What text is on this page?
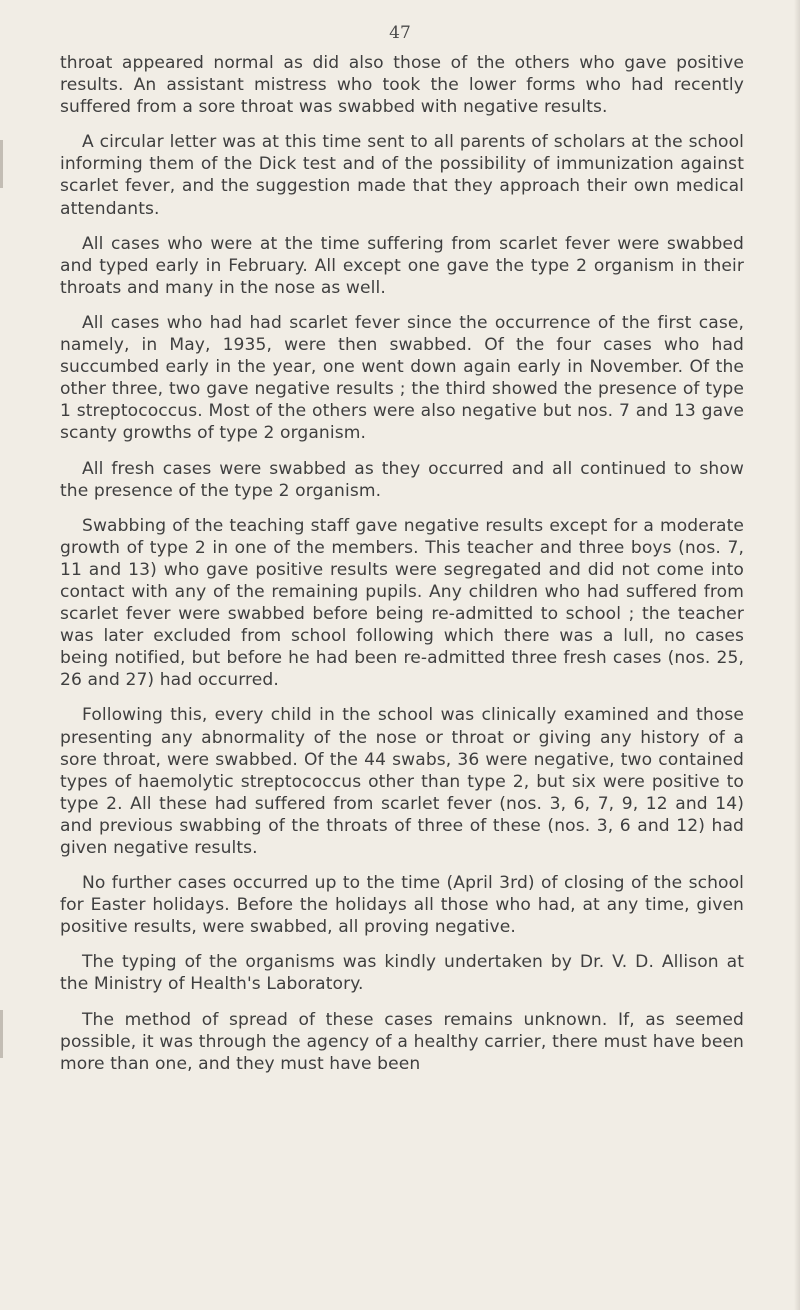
47

throat appeared normal as did also those of the others who gave positive results. An assistant mistress who took the lower forms who had recently suffered from a sore throat was swabbed with negative results.

A circular letter was at this time sent to all parents of scholars at the school informing them of the Dick test and of the possibility of immunization against scarlet fever, and the suggestion made that they approach their own medical attendants.

All cases who were at the time suffering from scarlet fever were swabbed and typed early in February. All except one gave the type 2 organism in their throats and many in the nose as well.

All cases who had had scarlet fever since the occurrence of the first case, namely, in May, 1935, were then swabbed. Of the four cases who had succumbed early in the year, one went down again early in November. Of the other three, two gave negative results ; the third showed the presence of type 1 streptococcus. Most of the others were also negative but nos. 7 and 13 gave scanty growths of type 2 organism.

All fresh cases were swabbed as they occurred and all continued to show the presence of the type 2 organism.

Swabbing of the teaching staff gave negative results except for a moderate growth of type 2 in one of the members. This teacher and three boys (nos. 7, 11 and 13) who gave positive results were segregated and did not come into contact with any of the remaining pupils. Any children who had suffered from scarlet fever were swabbed before being re-admitted to school ; the teacher was later excluded from school following which there was a lull, no cases being notified, but before he had been re-admitted three fresh cases (nos. 25, 26 and 27) had occurred.

Following this, every child in the school was clinically examined and those presenting any abnormality of the nose or throat or giving any history of a sore throat, were swabbed. Of the 44 swabs, 36 were negative, two contained types of haemolytic streptococcus other than type 2, but six were positive to type 2. All these had suffered from scarlet fever (nos. 3, 6, 7, 9, 12 and 14) and previous swabbing of the throats of three of these (nos. 3, 6 and 12) had given negative results.

No further cases occurred up to the time (April 3rd) of closing of the school for Easter holidays. Before the holidays all those who had, at any time, given positive results, were swabbed, all proving negative.

The typing of the organisms was kindly undertaken by Dr. V. D. Allison at the Ministry of Health's Laboratory.

The method of spread of these cases remains unknown. If, as seemed possible, it was through the agency of a healthy carrier, there must have been more than one, and they must have been
